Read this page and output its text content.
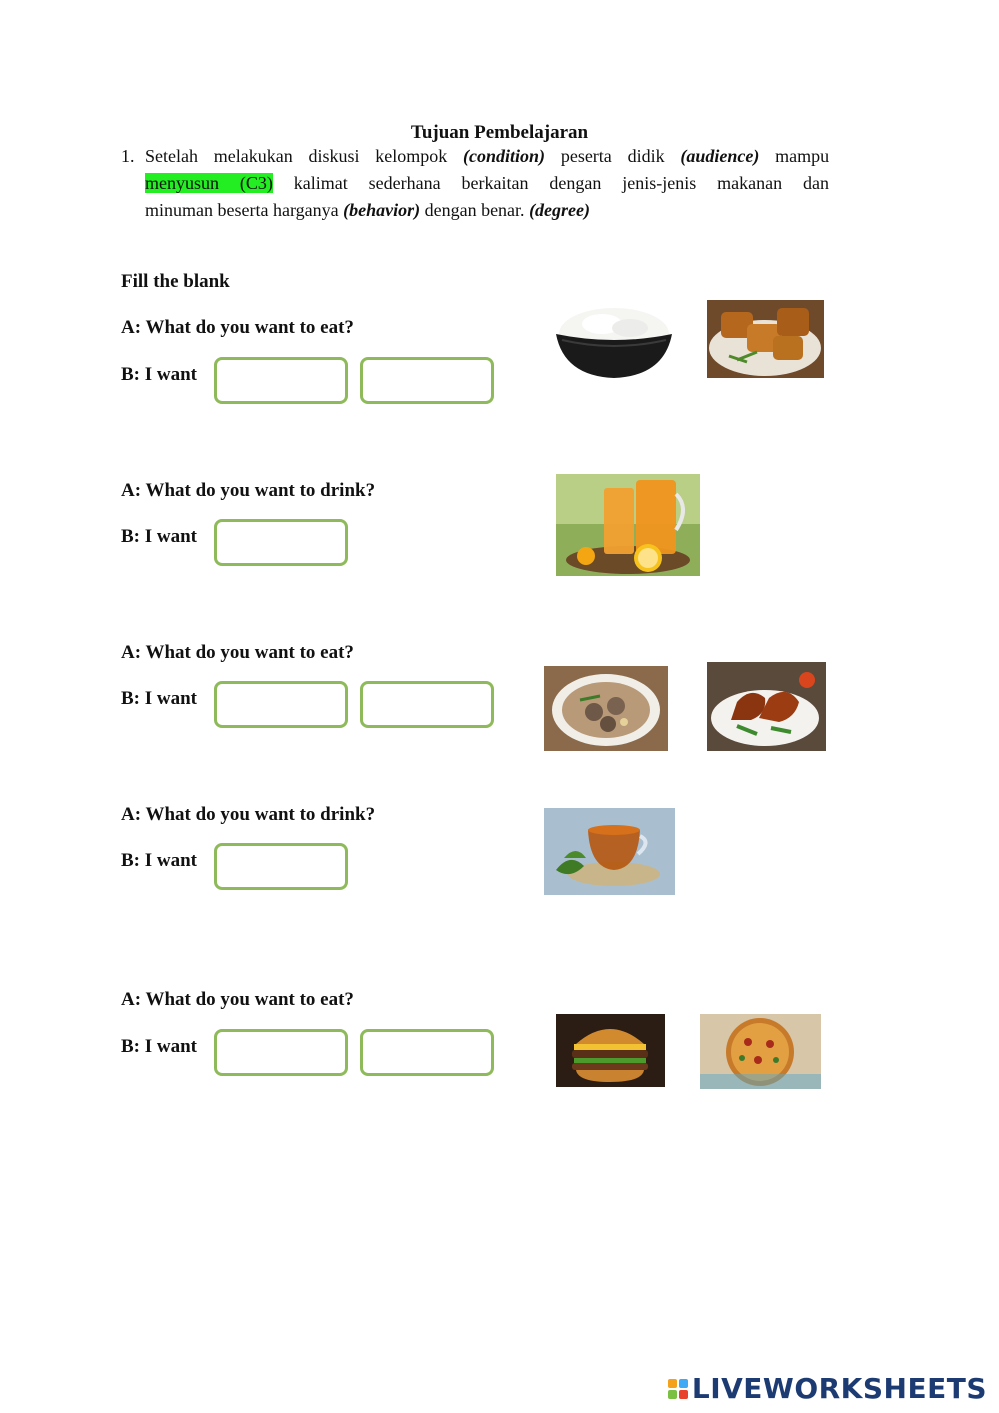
Tujuan Pembelajaran
1. Setelah melakukan diskusi kelompok (condition) peserta didik (audience) mampu
menyusun (C3) kalimat sederhana berkaitan dengan jenis-jenis makanan dan
minuman beserta harganya (behavior) dengan benar. (degree)
Fill the blank
A: What do you want to eat?
B: I want
A: What do you want to drink?
B: I want
A: What do you want to eat?
B: I want
A: What do you want to drink?
B: I want
A: What do you want to eat?
B: I want
LIVEWORKSHEETS
